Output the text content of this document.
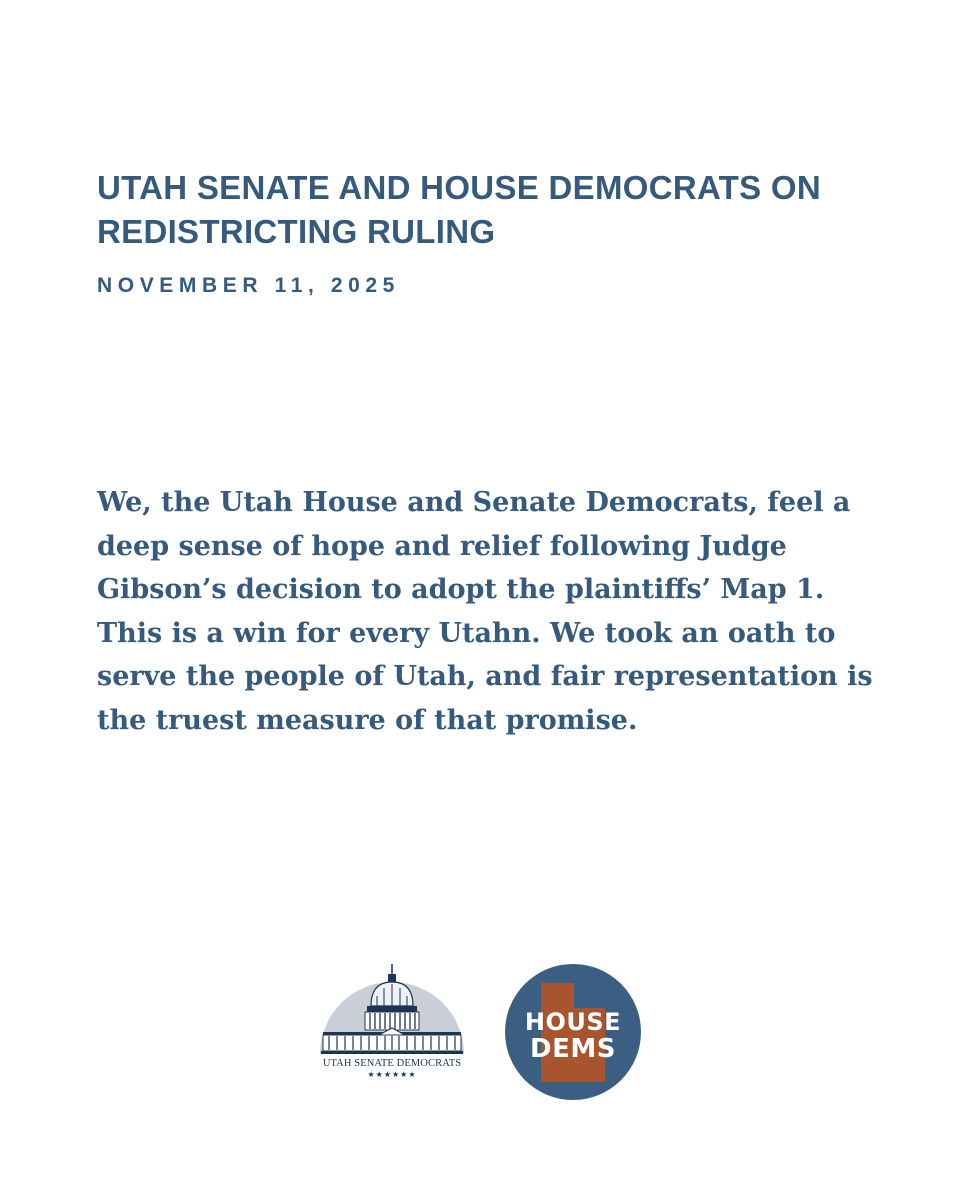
UTAH SENATE AND HOUSE DEMOCRATS ON REDISTRICTING RULING
NOVEMBER 11, 2025

We, the Utah House and Senate Democrats, feel a deep sense of hope and relief following Judge Gibson’s decision to adopt the plaintiffs’ Map 1. This is a win for every Utahn. We took an oath to serve the people of Utah, and fair representation is the truest measure of that promise.

UTAH SENATE DEMOCRATS
★★★★★★
HOUSE
DEMS
